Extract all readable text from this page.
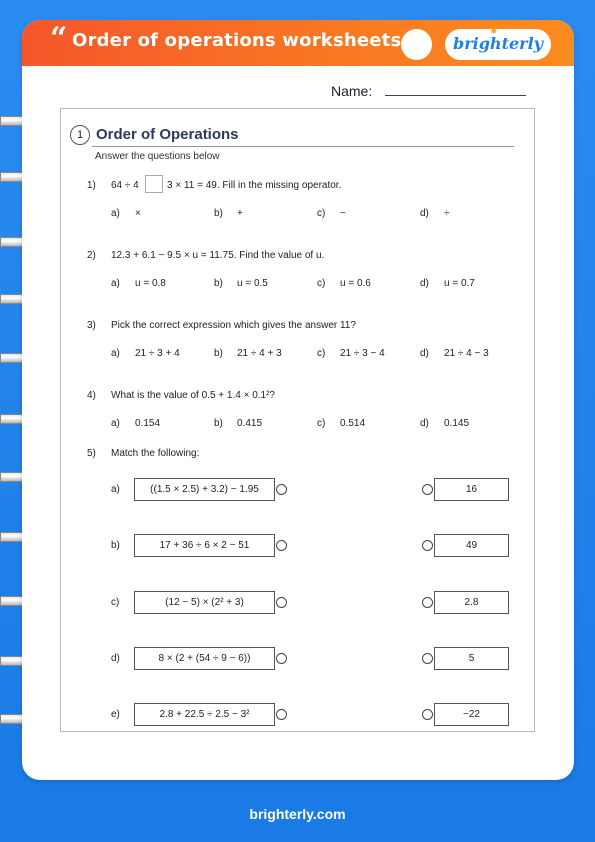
“ Order of operations worksheets	✸
brighterly
Name:
1 Order of Operations
Answer the questions below
1) 64 ÷ 4	3 × 11 = 49. Fill in the missing operator.
a) ×	b) +	c) −	d) ÷
2) 12.3 + 6.1 − 9.5 × u = 11.75. Find the value of u.
a) u = 0.8	b) u = 0.5	c) u = 0.6	d) u = 0.7
3) Pick the correct expression which gives the answer 11?
a) 21 ÷ 3 + 4	b) 21 ÷ 4 + 3	c) 21 ÷ 3 − 4	d) 21 ÷ 4 − 3
4) What is the value of 0.5 + 1.4 × 0.1²?
a) 0.154	b) 0.415	c) 0.514	d) 0.145
5) Match the following:
a)	((1.5 × 2.5) + 3.2) − 1.95	16
b)	17 + 36 ÷ 6 × 2 − 51	49
c)	(12 − 5) × (2² + 3)	2.8
d)	8 × (2 + (54 ÷ 9 − 6))	5
e)	2.8 + 22.5 ÷ 2.5 − 3²	−22
brighterly.com
